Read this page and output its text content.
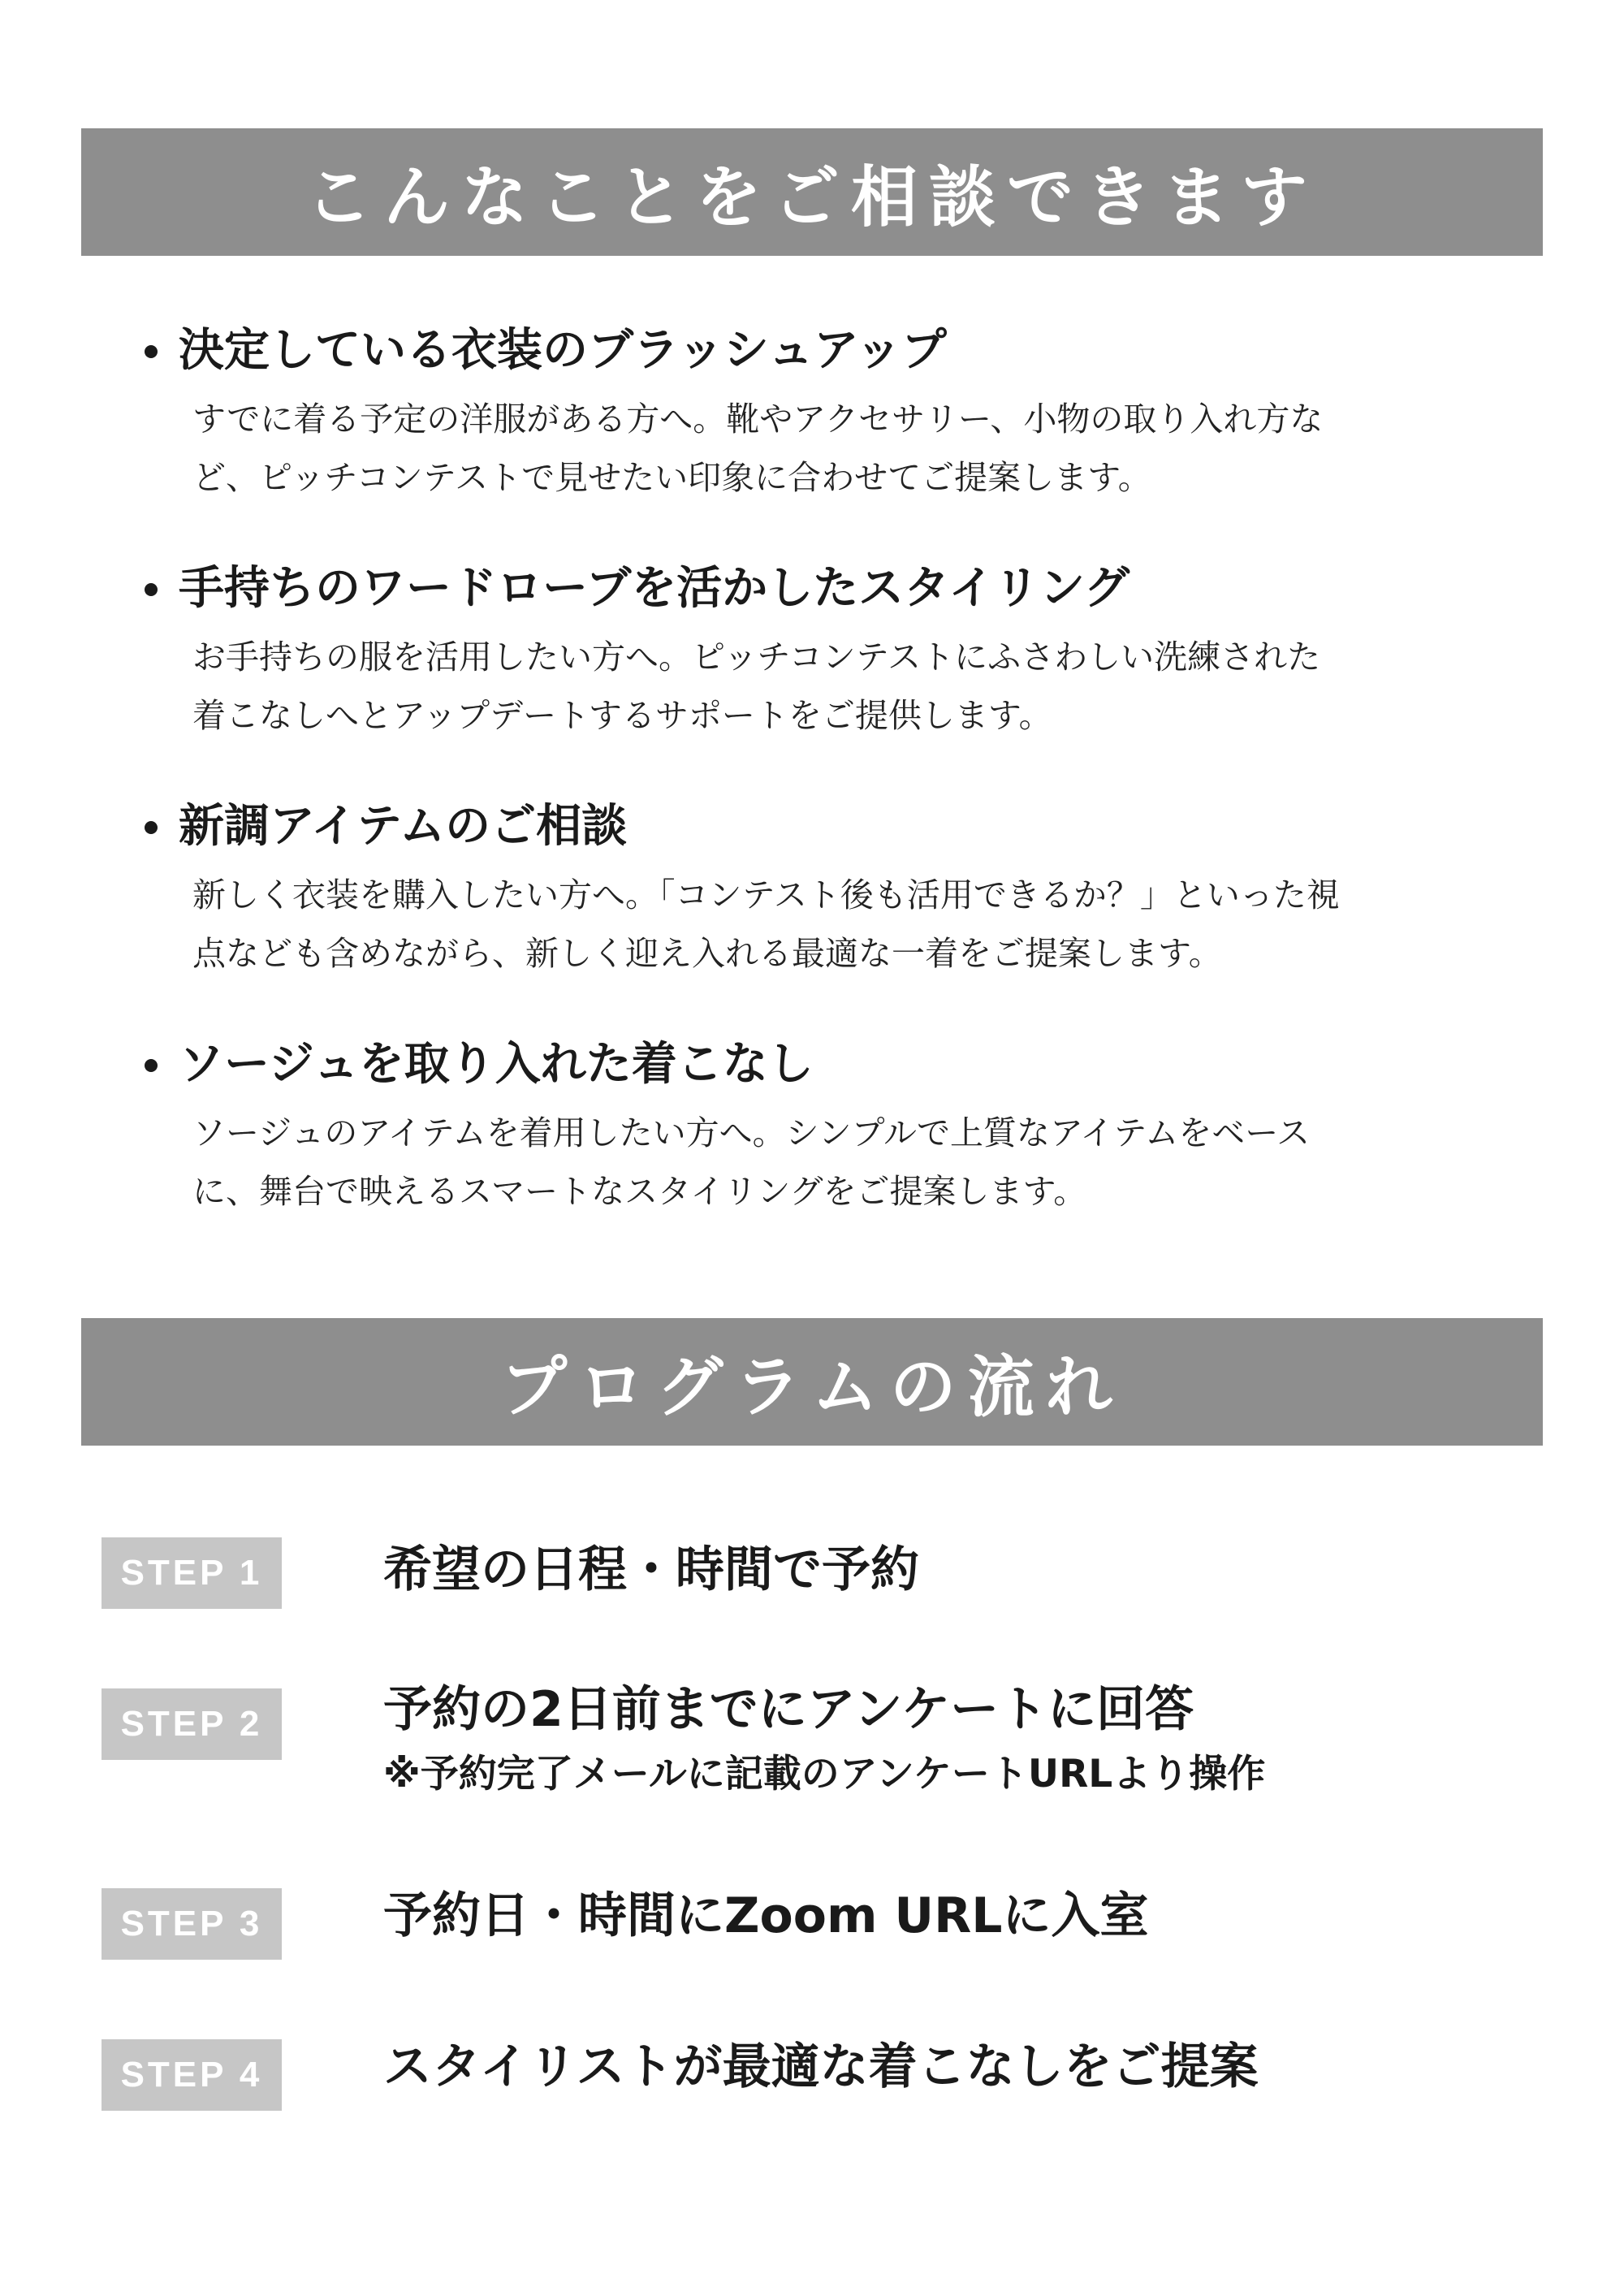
こんなことをご相談できます
決定している衣装のブラッシュアップ

すでに着る予定の洋服がある方へ。靴やアクセサリー、小物の取り入れ方な
ど、ピッチコンテストで見せたい印象に合わせてご提案します。

手持ちのワードローブを活かしたスタイリング

お手持ちの服を活用したい方へ。ピッチコンテストにふさわしい洗練された
着こなしへとアップデートするサポートをご提供します。

新調アイテムのご相談

新しく衣装を購入したい方へ。「コンテスト後も活用できるか？」といった視
点なども含めながら、新しく迎え入れる最適な一着をご提案します。

ソージュを取り入れた着こなし

ソージュのアイテムを着用したい方へ。シンプルで上質なアイテムをベース
に、舞台で映えるスマートなスタイリングをご提案します。

プログラムの流れ
STEP 1	希望の日程・時間で予約
STEP 2	予約の2日前までにアンケートに回答
※予約完了メールに記載のアンケートURLより操作
STEP 3	予約日・時間にZoom URLに入室
STEP 4	スタイリストが最適な着こなしをご提案
